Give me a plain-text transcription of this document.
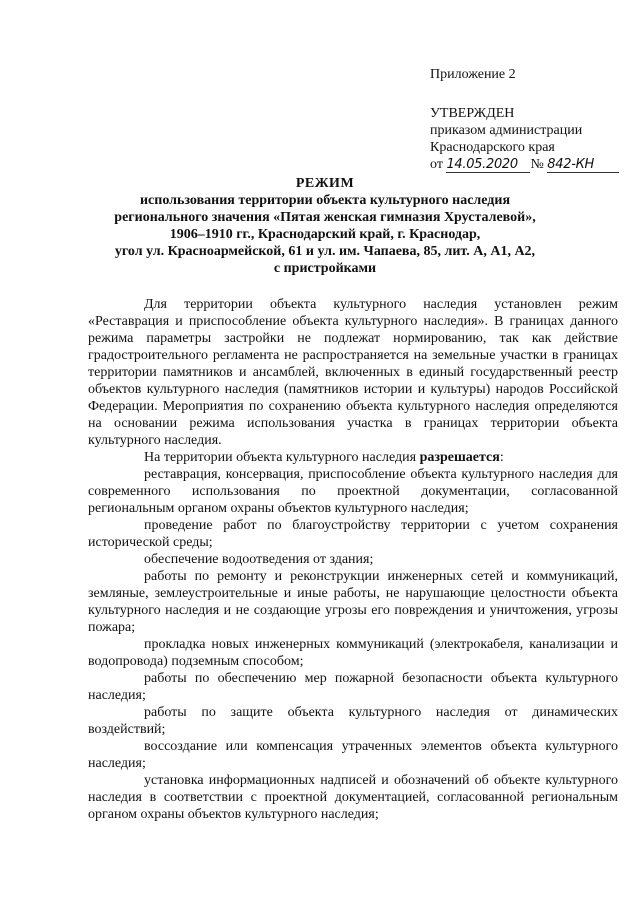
Приложение 2
УТВЕРЖДЕН
приказом администрации
Краснодарского края
от 14.05.2020 № 842-КН
РЕЖИМ
использования территории объекта культурного наследия
регионального значения «Пятая женская гимназия Хрусталевой»,
1906–1910 гг., Краснодарский край, г. Краснодар,
угол ул. Красноармейской, 61 и ул. им. Чапаева, 85, лит. А, А1, А2,
с пристройками

Для территории объекта культурного наследия установлен режим «Реставрация и приспособление объекта культурного наследия». В границах данного режима параметры застройки не подлежат нормированию, так как действие градостроительного регламента не распространяется на земельные участки в границах территории памятников и ансамблей, включенных в единый государственный реестр объектов культурного наследия (памятников истории и культуры) народов Российской Федерации. Мероприятия по сохранению объекта культурного наследия определяются на основании режима использования участка в границах территории объекта культурного наследия.

На территории объекта культурного наследия разрешается:

реставрация, консервация, приспособление объекта культурного наследия для современного использования по проектной документации, согласованной региональным органом охраны объектов культурного наследия;

проведение работ по благоустройству территории с учетом сохранения исторической среды;

обеспечение водоотведения от здания;

работы по ремонту и реконструкции инженерных сетей и коммуникаций, земляные, землеустроительные и иные работы, не нарушающие целостности объекта культурного наследия и не создающие угрозы его повреждения и уничтожения, угрозы пожара;

прокладка новых инженерных коммуникаций (электрокабеля, канализации и водопровода) подземным способом;

работы по обеспечению мер пожарной безопасности объекта культурного наследия;

работы по защите объекта культурного наследия от динамических воздействий;

воссоздание или компенсация утраченных элементов объекта культурного наследия;

установка информационных надписей и обозначений об объекте культурного наследия в соответствии с проектной документацией, согласованной региональным органом охраны объектов культурного наследия;
